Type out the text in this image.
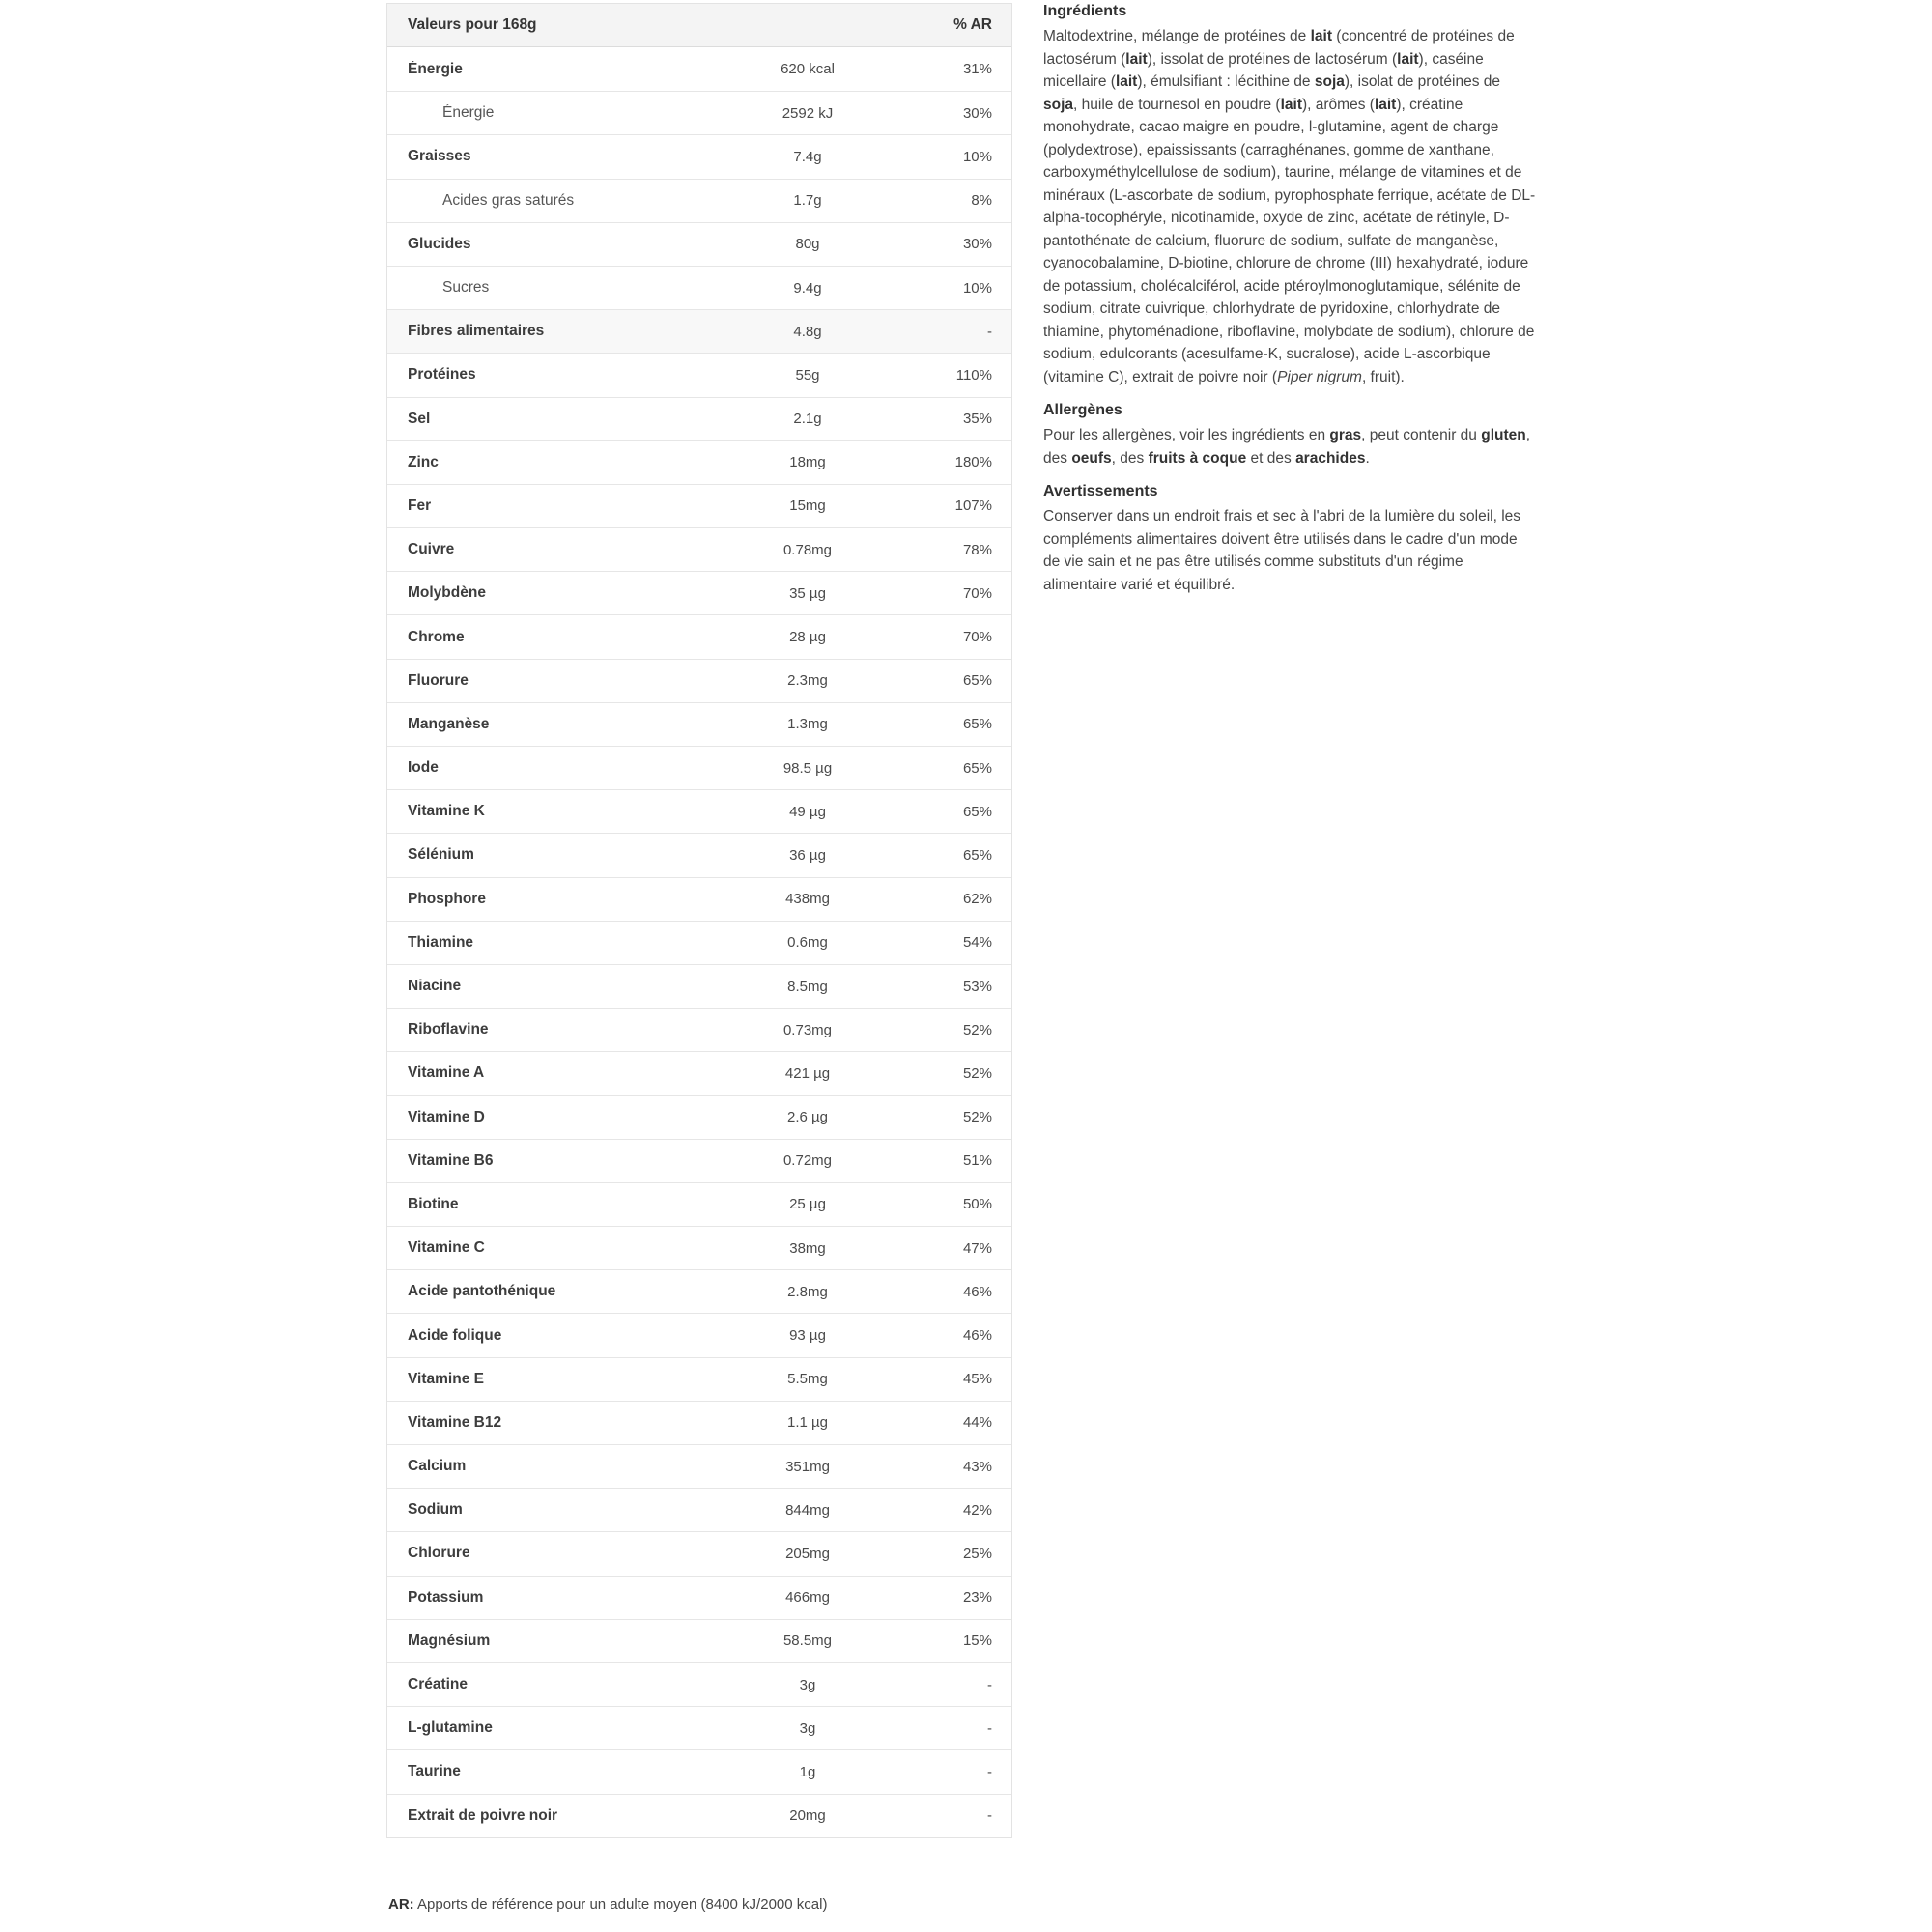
Valeurs pour 168g	% AR
Énergie	620 kcal	31%
Énergie	2592 kJ	30%
Graisses	7.4g	10%
Acides gras saturés	1.7g	8%
Glucides	80g	30%
Sucres	9.4g	10%
Fibres alimentaires	4.8g	-
Protéines	55g	110%
Sel	2.1g	35%
Zinc	18mg	180%
Fer	15mg	107%
Cuivre	0.78mg	78%
Molybdène	35 µg	70%
Chrome	28 µg	70%
Fluorure	2.3mg	65%
Manganèse	1.3mg	65%
Iode	98.5 µg	65%
Vitamine K	49 µg	65%
Sélénium	36 µg	65%
Phosphore	438mg	62%
Thiamine	0.6mg	54%
Niacine	8.5mg	53%
Riboflavine	0.73mg	52%
Vitamine A	421 µg	52%
Vitamine D	2.6 µg	52%
Vitamine B6	0.72mg	51%
Biotine	25 µg	50%
Vitamine C	38mg	47%
Acide pantothénique	2.8mg	46%
Acide folique	93 µg	46%
Vitamine E	5.5mg	45%
Vitamine B12	1.1 µg	44%
Calcium	351mg	43%
Sodium	844mg	42%
Chlorure	205mg	25%
Potassium	466mg	23%
Magnésium	58.5mg	15%
Créatine	3g	-
L-glutamine	3g	-
Taurine	1g	-
Extrait de poivre noir	20mg	-
AR: Apports de référence pour un adulte moyen (8400 kJ/2000 kcal)
Ingrédients

Maltodextrine, mélange de protéines de lait (concentré de protéines de lactosérum (lait), issolat de protéines de lactosérum (lait), caséine micellaire (lait), émulsifiant : lécithine de soja), isolat de protéines de soja, huile de tournesol en poudre (lait), arômes (lait), créatine monohydrate, cacao maigre en poudre, l-glutamine, agent de charge (polydextrose), epaississants (carraghénanes, gomme de xanthane, carboxyméthylcellulose de sodium), taurine, mélange de vitamines et de minéraux (L-ascorbate de sodium, pyrophosphate ferrique, acétate de DL-alpha-tocophéryle, nicotinamide, oxyde de zinc, acétate de rétinyle, D-pantothénate de calcium, fluorure de sodium, sulfate de manganèse, cyanocobalamine, D-biotine, chlorure de chrome (III) hexahydraté, iodure de potassium, cholécalciférol, acide ptéroylmonoglutamique, sélénite de sodium, citrate cuivrique, chlorhydrate de pyridoxine, chlorhydrate de thiamine, phytoménadione, riboflavine, molybdate de sodium), chlorure de sodium, edulcorants (acesulfame-K, sucralose), acide L-ascorbique (vitamine C), extrait de poivre noir (Piper nigrum, fruit).

Allergènes

Pour les allergènes, voir les ingrédients en gras, peut contenir du gluten, des oeufs, des fruits à coque et des arachides.

Avertissements

Conserver dans un endroit frais et sec à l'abri de la lumière du soleil, les compléments alimentaires doivent être utilisés dans le cadre d'un mode de vie sain et ne pas être utilisés comme substituts d'un régime alimentaire varié et équilibré.
